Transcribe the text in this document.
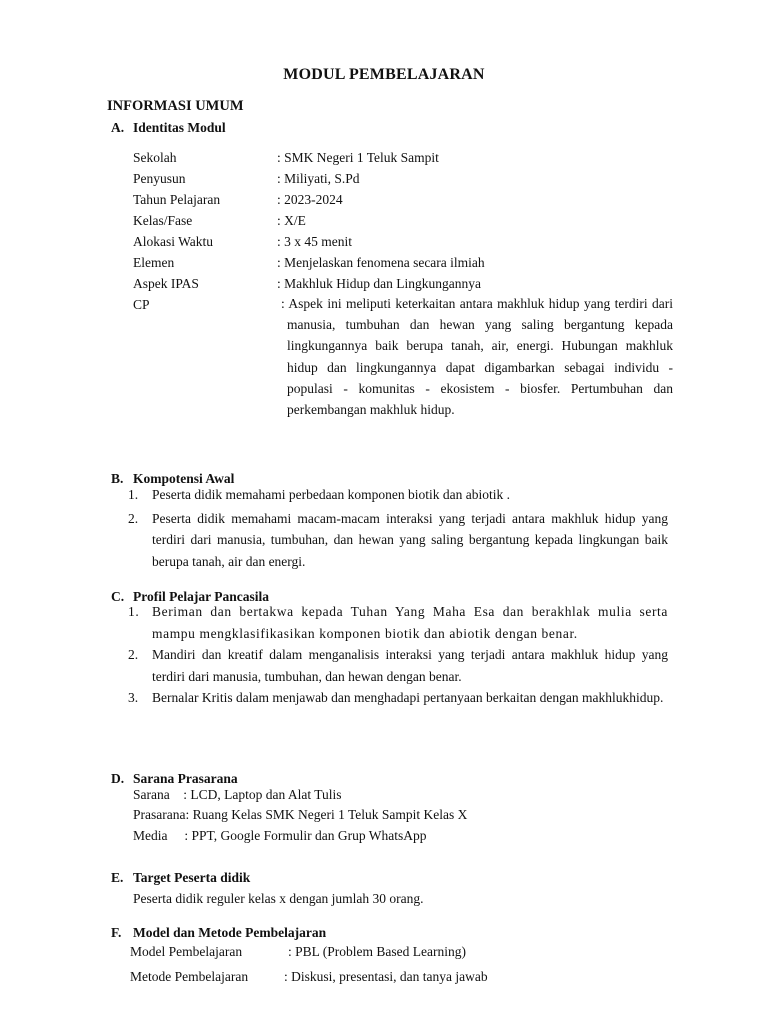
MODUL PEMBELAJARAN
INFORMASI UMUM
A. Identitas Modul
Sekolah	: SMK Negeri 1 Teluk Sampit
Penyusun	: Miliyati, S.Pd
Tahun Pelajaran	: 2023-2024
Kelas/Fase	: X/E
Alokasi Waktu	: 3 x 45 menit
Elemen	: Menjelaskan fenomena secara ilmiah
Aspek IPAS	: Makhluk Hidup dan Lingkungannya
CP	: Aspek ini meliputi keterkaitan antara makhluk hidup yang terdiri dari manusia, tumbuhan dan hewan yang saling bergantung kepada lingkungannya baik berupa tanah, air, energi. Hubungan makhluk hidup dan lingkungannya dapat digambarkan sebagai individu - populasi - komunitas - ekosistem - biosfer. Pertumbuhan dan perkembangan makhluk hidup.
B. Kompotensi Awal
1. Peserta didik memahami perbedaan komponen biotik dan abiotik .
2. Peserta didik memahami macam-macam interaksi yang terjadi antara makhluk hidup yang terdiri dari manusia, tumbuhan, dan hewan yang saling bergantung kepada lingkungan baik berupa tanah, air dan energi.
C. Profil Pelajar Pancasila
1. Beriman dan bertakwa kepada Tuhan Yang Maha Esa dan berakhlak mulia serta mampu mengklasifikasikan komponen biotik dan abiotik dengan benar.
2. Mandiri dan kreatif dalam menganalisis interaksi yang terjadi antara makhluk hidup yang terdiri dari manusia, tumbuhan, dan hewan dengan benar.
3. Bernalar Kritis dalam menjawab dan menghadapi pertanyaan berkaitan dengan makhlukhidup.
D. Sarana Prasarana
Sarana    : LCD, Laptop dan Alat Tulis
Prasarana: Ruang Kelas SMK Negeri 1 Teluk Sampit Kelas X
Media     : PPT, Google Formulir dan Grup WhatsApp
E. Target Peserta didik
Peserta didik reguler kelas x dengan jumlah 30 orang.
F. Model dan Metode Pembelajaran
Model Pembelajaran	: PBL (Problem Based Learning)
Metode Pembelajaran	: Diskusi, presentasi, dan tanya jawab
